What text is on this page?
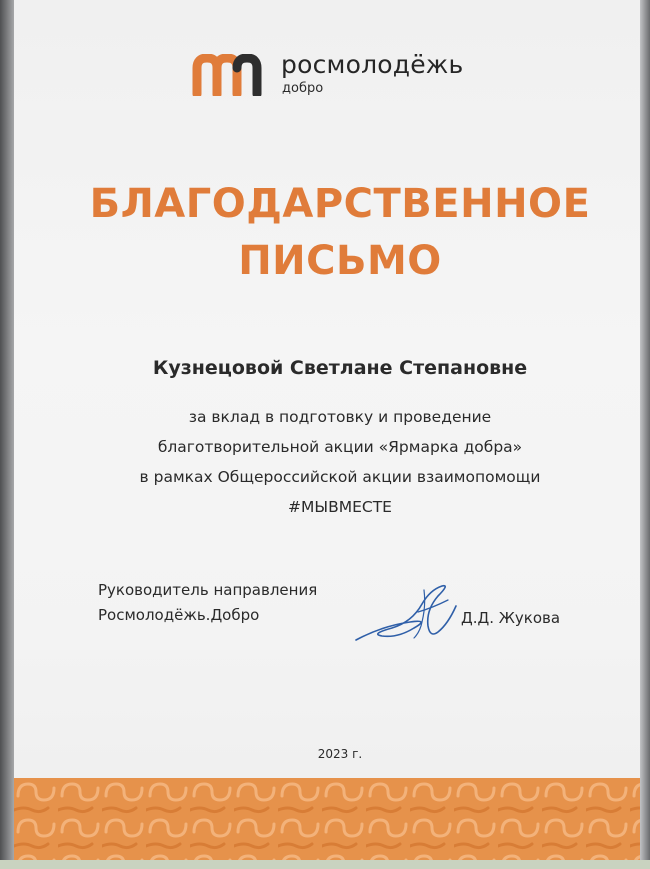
росмолодёжь
добро
БЛАГОДАРСТВЕННОЕ
ПИСЬМО
Кузнецовой Светлане Степановне
за вклад в подготовку и проведение
благотворительной акции «Ярмарка добра»
в рамках Общероссийской акции взаимопомощи
#МЫВМЕСТЕ
Руководитель направления
Росмолодёжь.Добро	Д.Д. Жукова
2023 г.
